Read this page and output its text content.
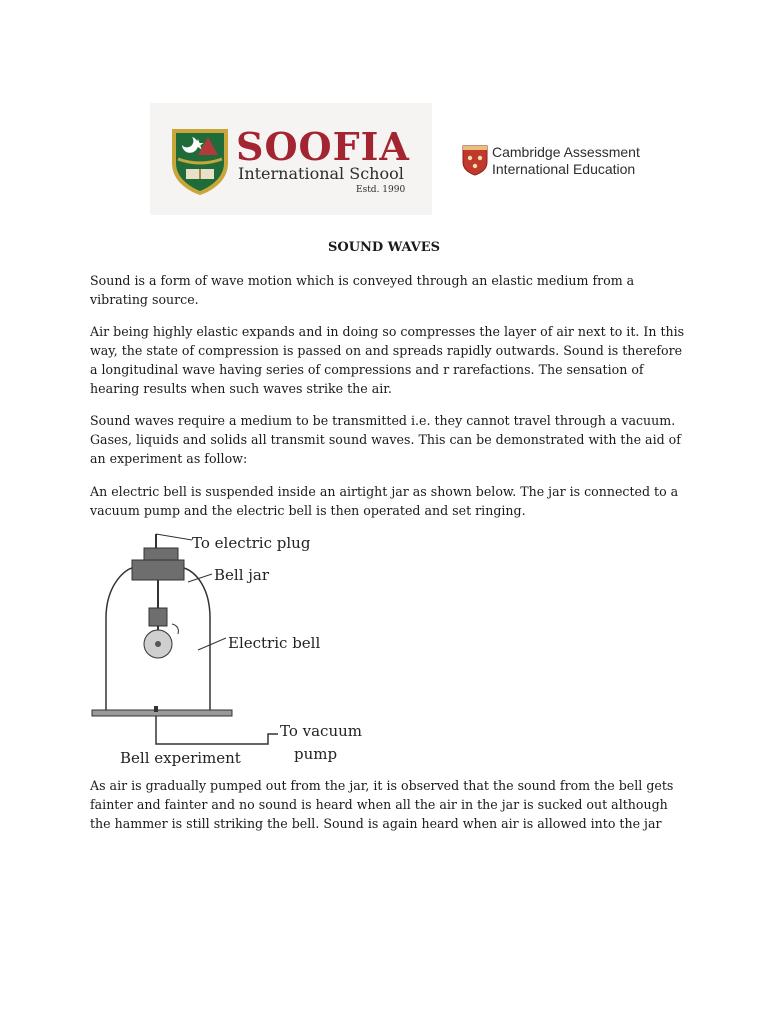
SOOFIA
International School
Estd. 1990
Cambridge Assessment
International Education
SOUND WAVES

Sound is a form of wave motion which is conveyed through an elastic medium from a vibrating source.

Air being highly elastic expands and in doing so compresses the layer of air next to it. In this way, the state of compression is passed on and spreads rapidly outwards. Sound is therefore a longitudinal wave having series of compressions and r rarefactions. The sensation of hearing results when such waves strike the air.

Sound waves require a medium to be transmitted i.e. they cannot travel through a vacuum. Gases, liquids and solids all transmit sound waves. This can be demonstrated with the aid of an experiment as follow:

An electric bell is suspended inside an airtight jar as shown below. The jar is connected to a vacuum pump and the electric bell is then operated and set ringing.

As air is gradually pumped out from the jar, it is observed that the sound from the bell gets fainter and fainter and no sound is heard when all the air in the jar is sucked out although the hammer is still striking the bell. Sound is again heard when air is allowed into the jar

To electric plug
Bell jar
Electric bell
To vacuum
pump
Bell experiment
